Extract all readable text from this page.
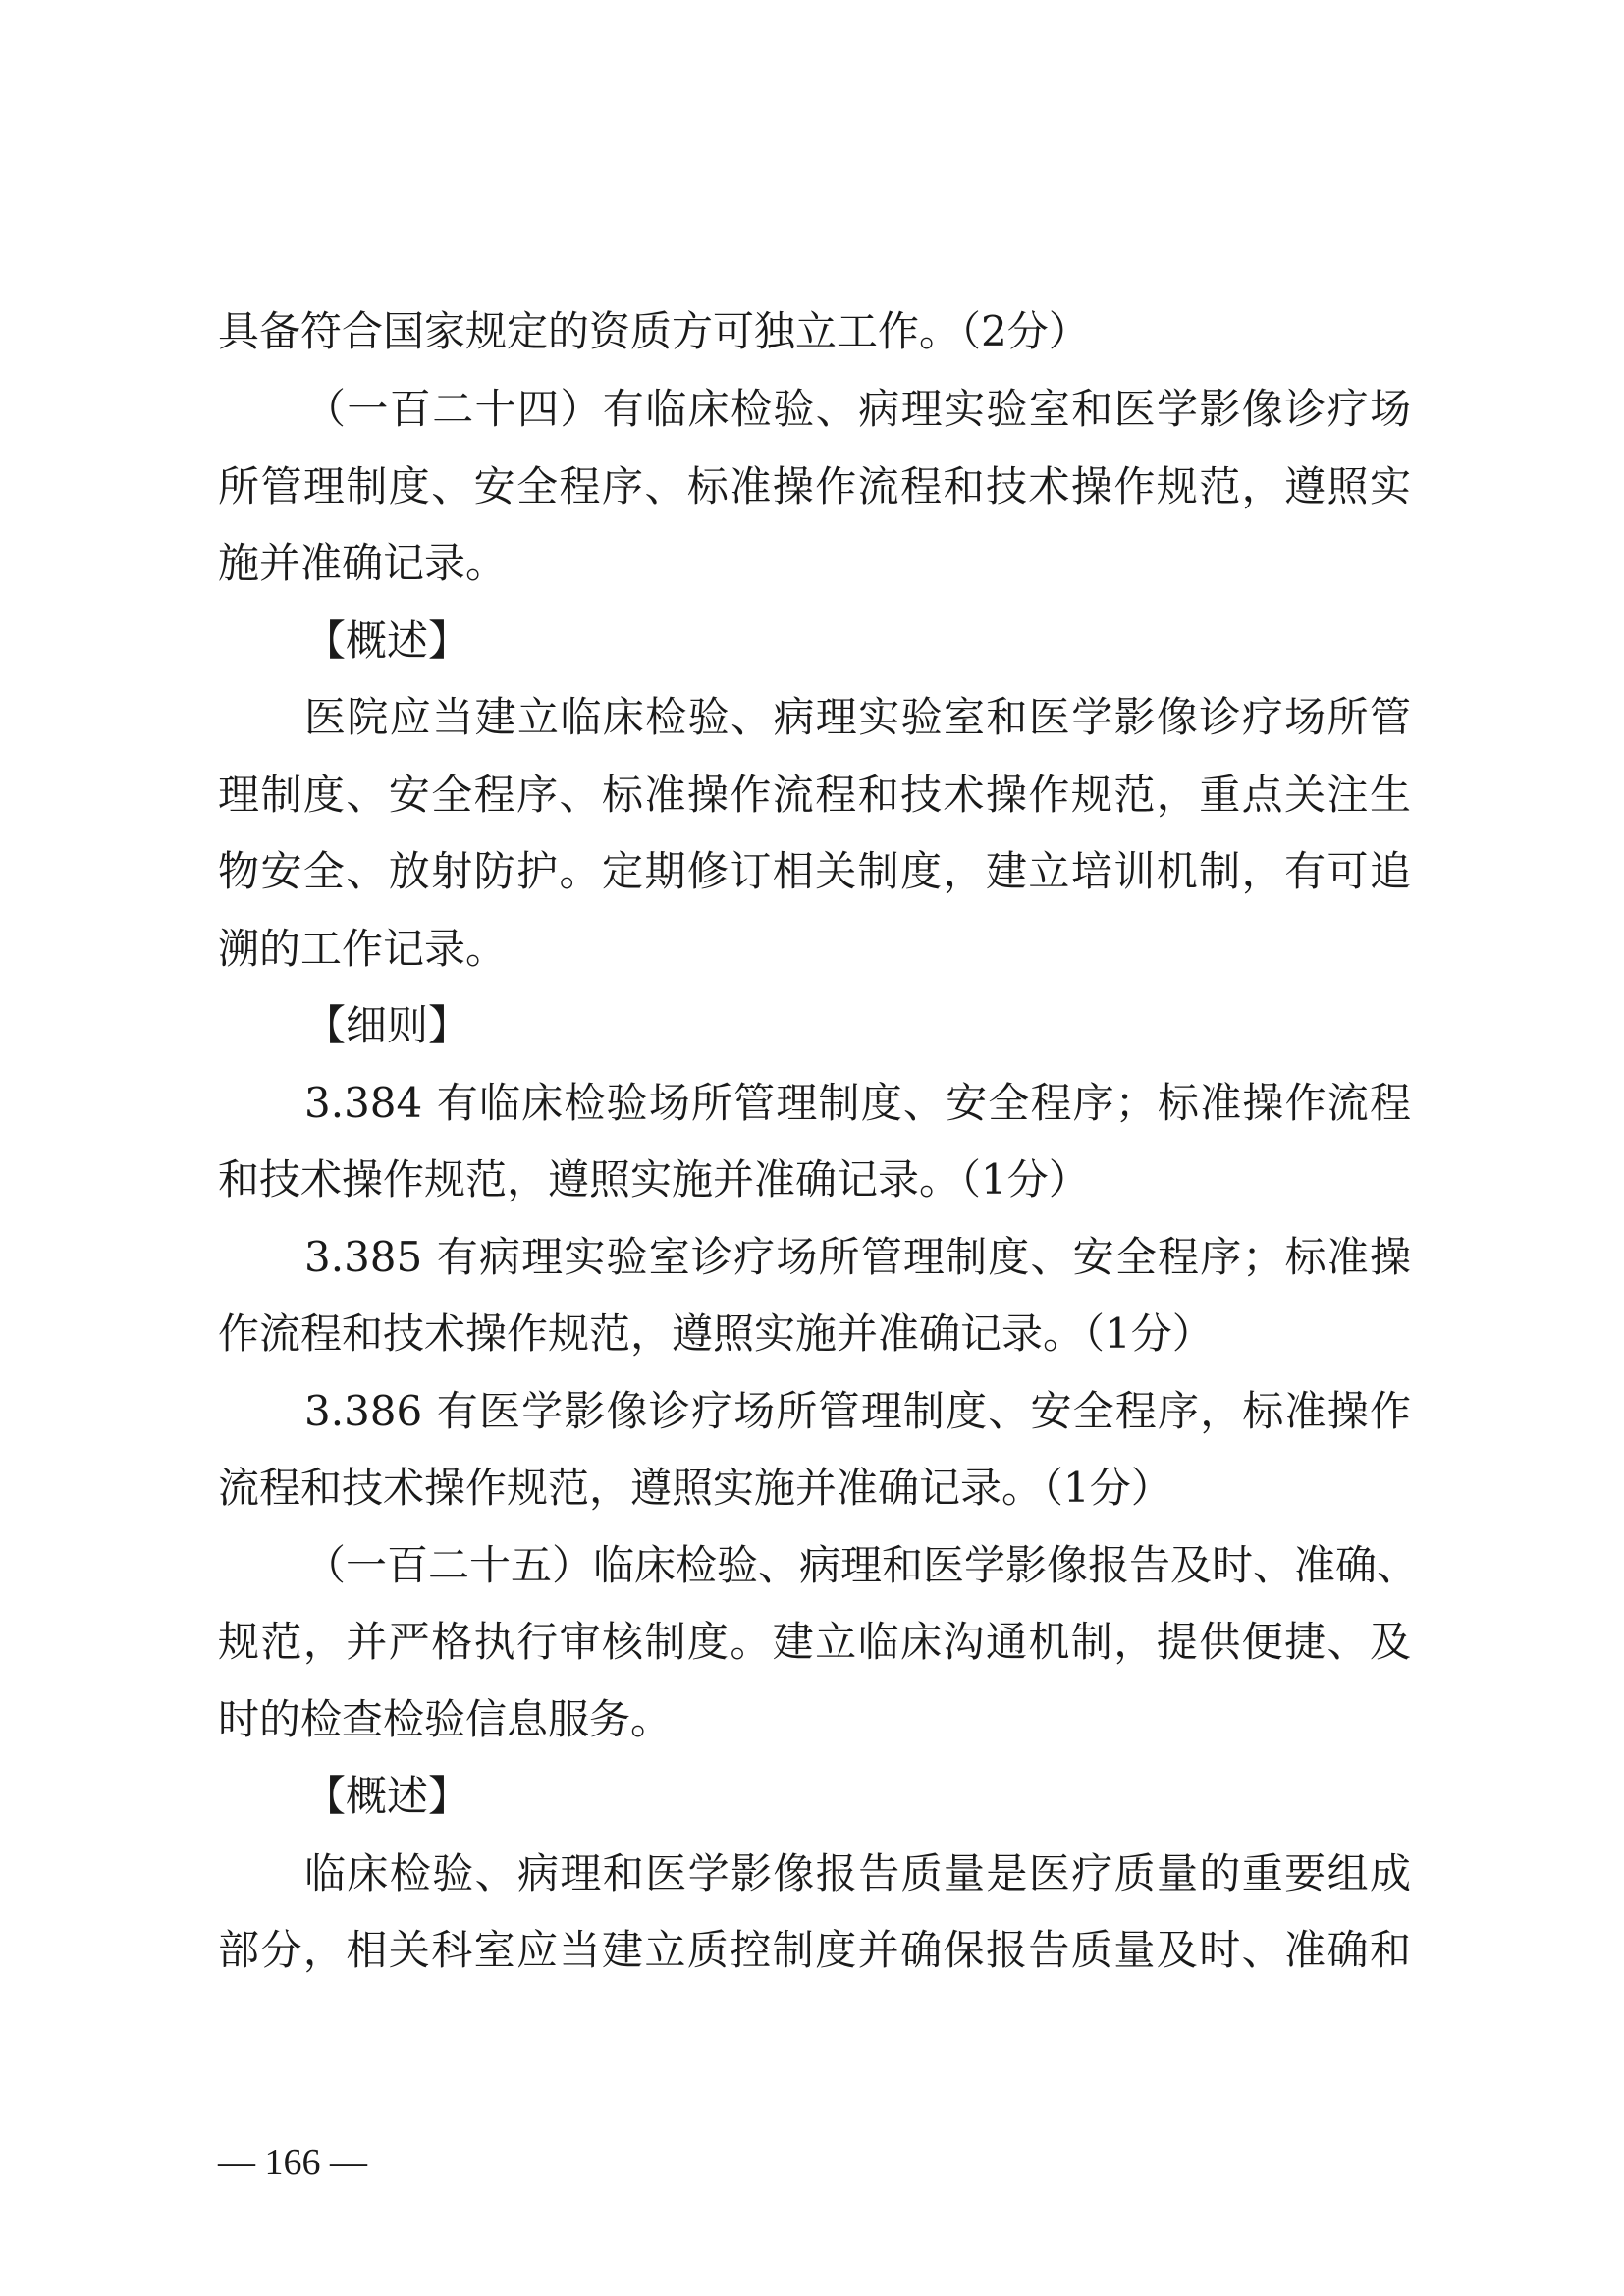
具备符合国家规定的资质方可独立工作。（2分）
（一百二十四）有临床检验、病理实验室和医学影像诊疗场
所管理制度、安全程序、标准操作流程和技术操作规范，遵照实
施并准确记录。
【概述】
医院应当建立临床检验、病理实验室和医学影像诊疗场所管
理制度、安全程序、标准操作流程和技术操作规范，重点关注生
物安全、放射防护。定期修订相关制度，建立培训机制，有可追
溯的工作记录。
【细则】
3.384 有临床检验场所管理制度、安全程序；标准操作流程
和技术操作规范，遵照实施并准确记录。（1分）
3.385 有病理实验室诊疗场所管理制度、安全程序；标准操
作流程和技术操作规范，遵照实施并准确记录。（1分）
3.386 有医学影像诊疗场所管理制度、安全程序，标准操作
流程和技术操作规范，遵照实施并准确记录。（1分）
（一百二十五）临床检验、病理和医学影像报告及时、准确、
规范，并严格执行审核制度。建立临床沟通机制，提供便捷、及
时的检查检验信息服务。
【概述】
临床检验、病理和医学影像报告质量是医疗质量的重要组成
部分，相关科室应当建立质控制度并确保报告质量及时、准确和
— 166 —
